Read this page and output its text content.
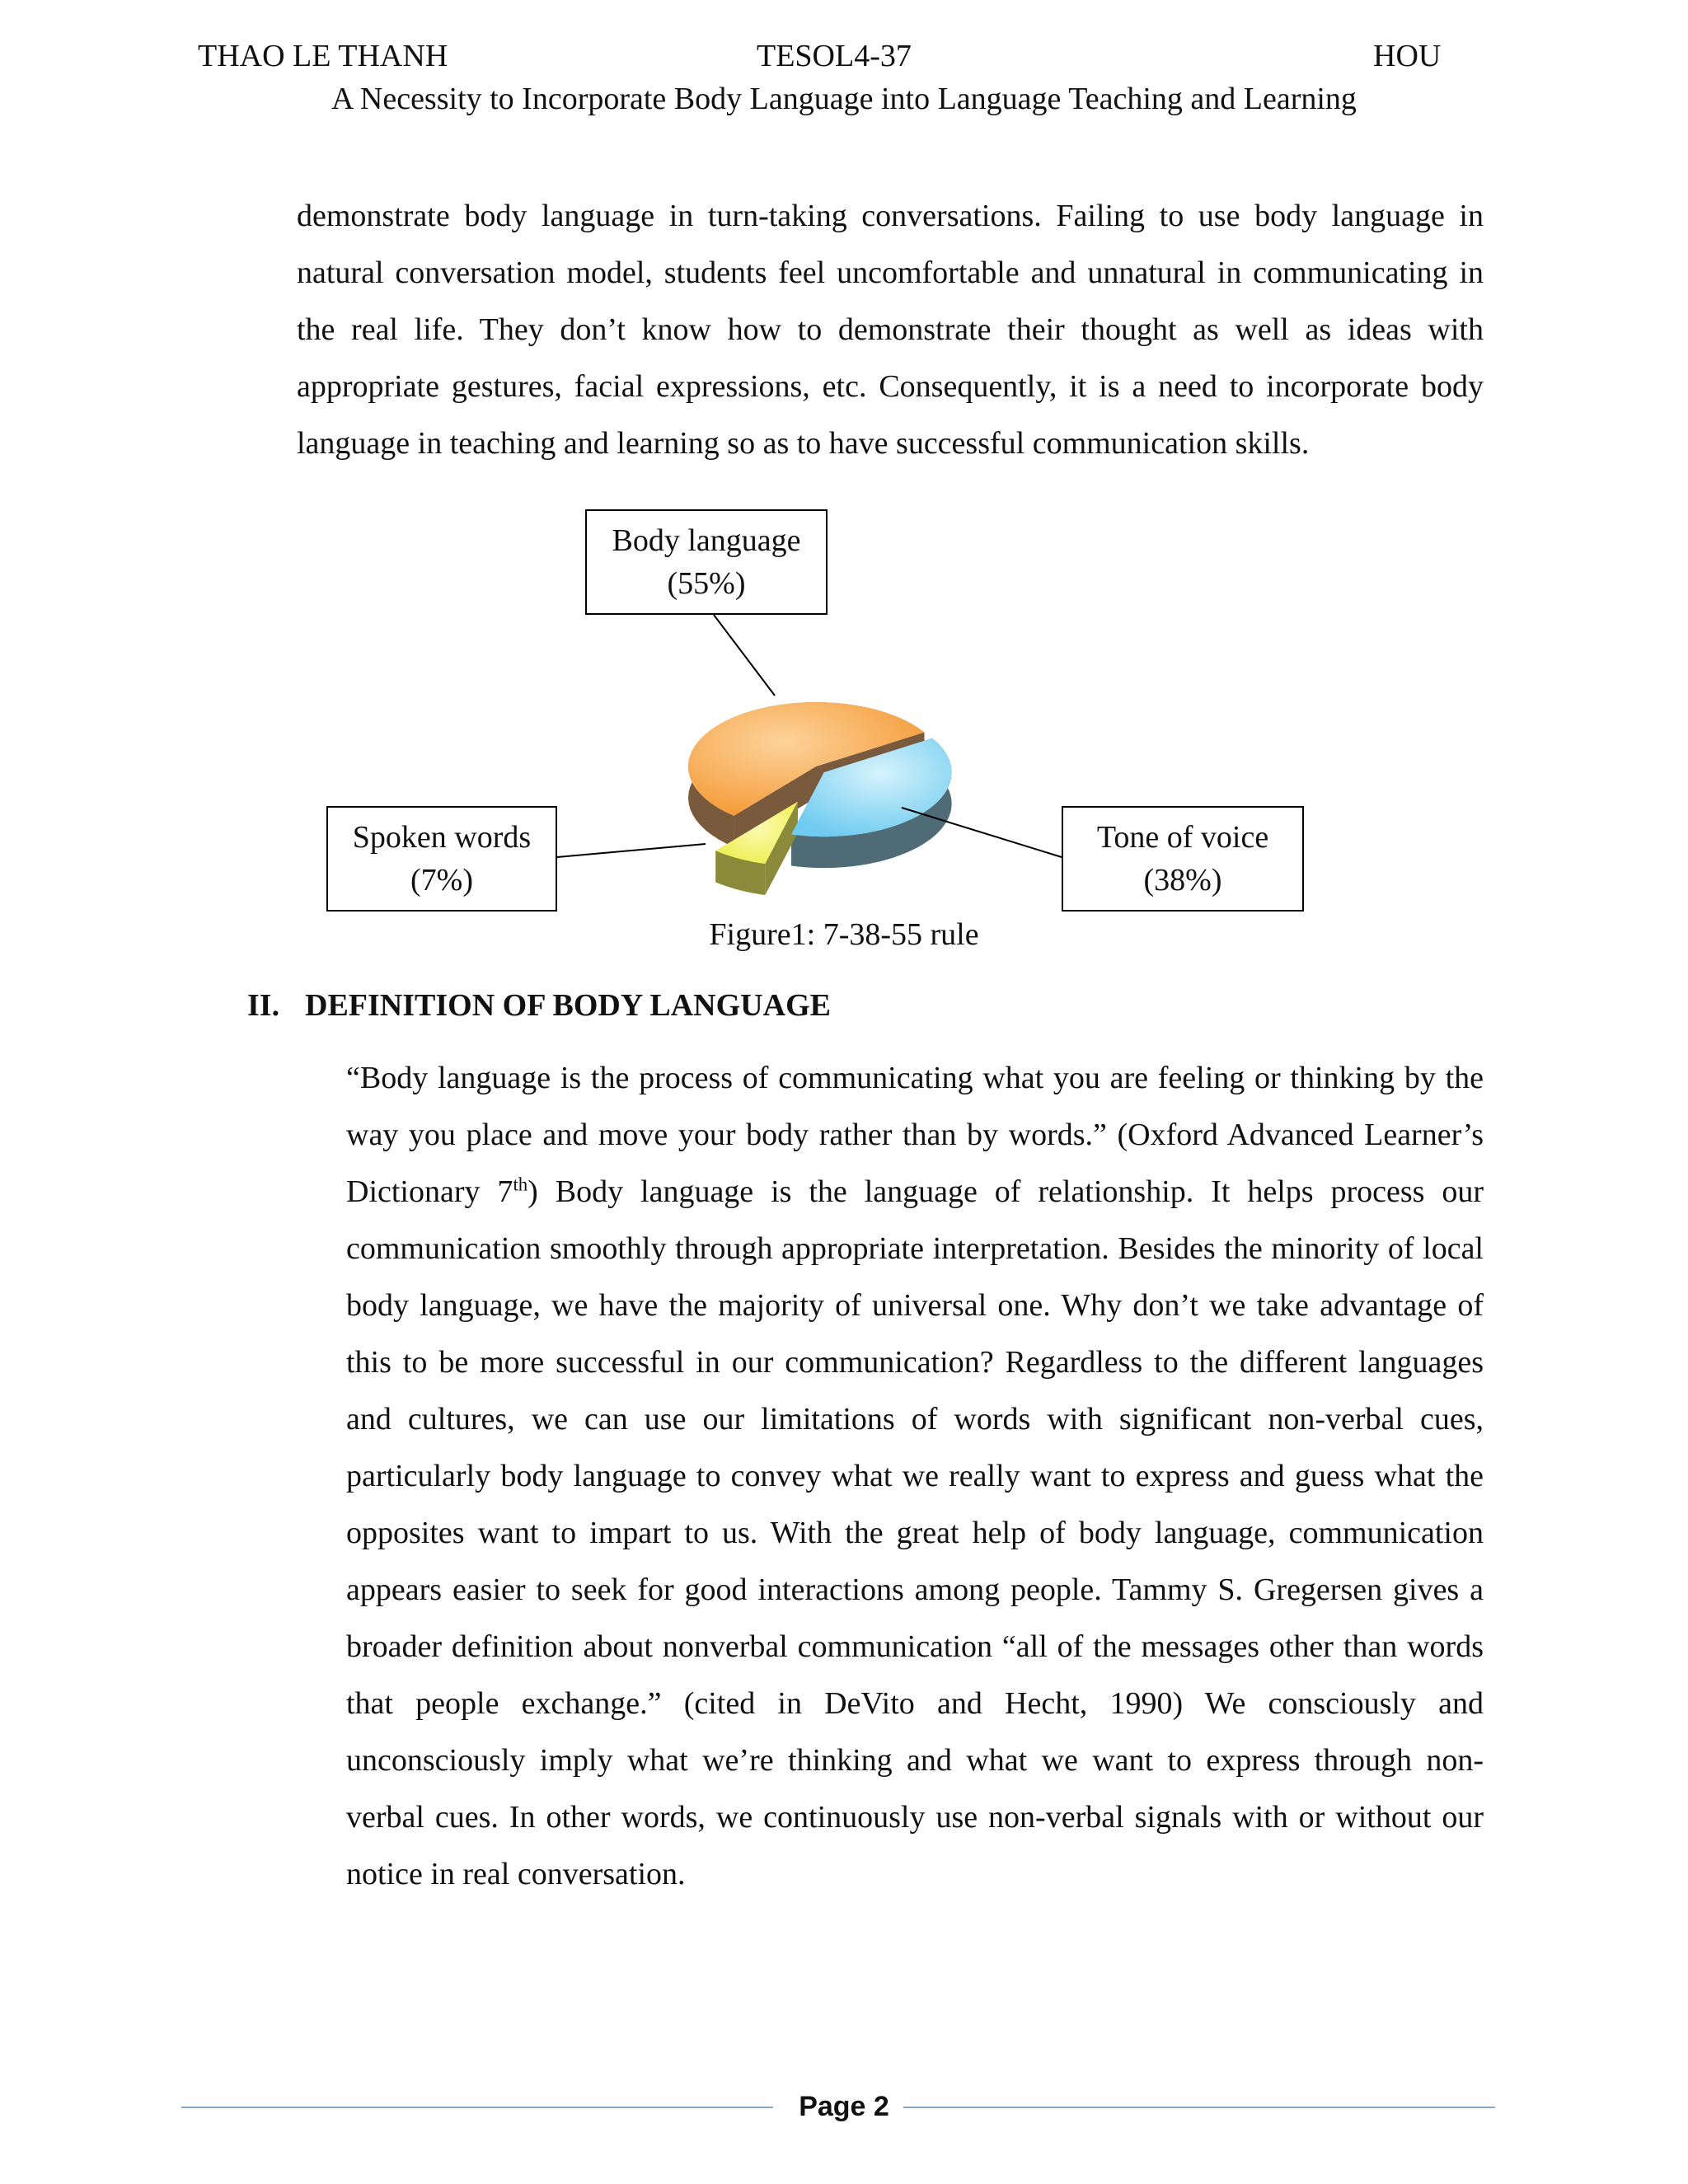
THAO LE THANH	TESOL4-37	HOU
A Necessity to Incorporate Body Language into Language Teaching and Learning

demonstrate body language in turn-taking conversations. Failing to use body language in natural conversation model, students feel uncomfortable and unnatural in communicating in the real life. They don’t know how to demonstrate their thought as well as ideas with appropriate gestures, facial expressions, etc. Consequently, it is a need to incorporate body language in teaching and learning so as to have successful communication skills.

Body language
(55%)
Tone of voice
(38%)
Spoken words
(7%)
Figure1: 7-38-55 rule
II. DEFINITION OF BODY LANGUAGE

“Body language is the process of communicating what you are feeling or thinking by the way you place and move your body rather than by words.” (Oxford Advanced Learner’s Dictionary 7th) Body language is the language of relationship. It helps process our communication smoothly through appropriate interpretation. Besides the minority of local body language, we have the majority of universal one. Why don’t we take advantage of this to be more successful in our communication? Regardless to the different languages and cultures, we can use our limitations of words with significant non-verbal cues, particularly body language to convey what we really want to express and guess what the opposites want to impart to us. With the great help of body language, communication appears easier to seek for good interactions among people. Tammy S. Gregersen gives a broader definition about nonverbal communication “all of the messages other than words that people exchange.” (cited in DeVito and Hecht, 1990) We consciously and unconsciously imply what we’re thinking and what we want to express through non-verbal cues. In other words, we continuously use non-verbal signals with or without our notice in real conversation.

Page 2
